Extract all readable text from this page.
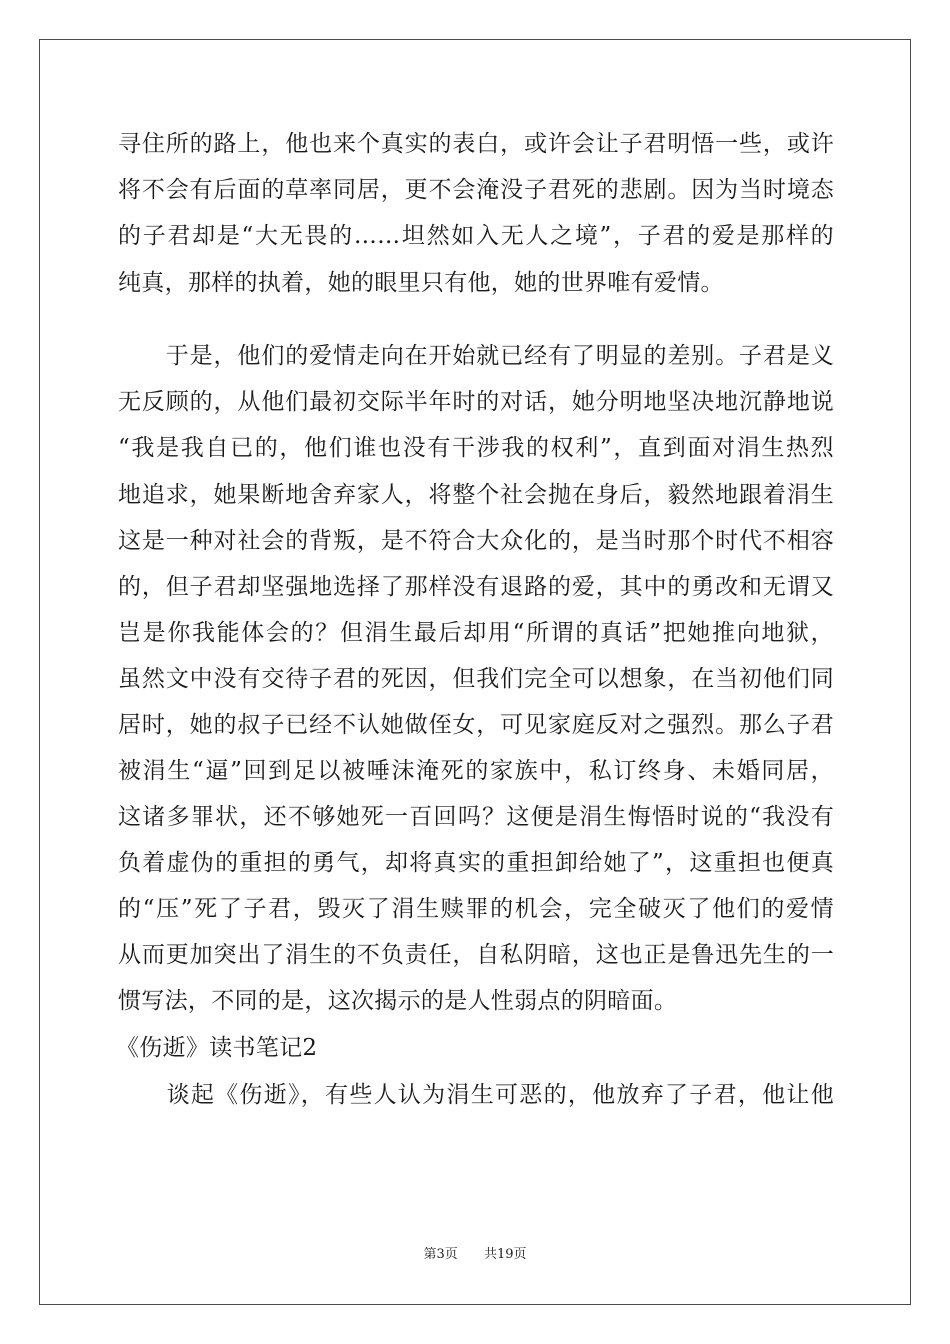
寻住所的路上，他也来个真实的表白，或许会让子君明悟一些，或许
将不会有后面的草率同居，更不会淹没子君死的悲剧。因为当时境态
的子君却是“大无畏的……坦然如入无人之境”，子君的爱是那样的
纯真，那样的执着，她的眼里只有他，她的世界唯有爱情。
　　于是，他们的爱情走向在开始就已经有了明显的差别。子君是义
无反顾的，从他们最初交际半年时的对话，她分明地坚决地沉静地说
“我是我自已的，他们谁也没有干涉我的权利”，直到面对涓生热烈
地追求，她果断地舍弃家人，将整个社会抛在身后，毅然地跟着涓生
这是一种对社会的背叛，是不符合大众化的，是当时那个时代不相容
的，但子君却坚强地选择了那样没有退路的爱，其中的勇改和无谓又
岂是你我能体会的？但涓生最后却用“所谓的真话”把她推向地狱，
虽然文中没有交待子君的死因，但我们完全可以想象，在当初他们同
居时，她的叔子已经不认她做侄女，可见家庭反对之强烈。那么子君
被涓生“逼”回到足以被唾沫淹死的家族中，私订终身、未婚同居，
这诸多罪状，还不够她死一百回吗？这便是涓生悔悟时说的“我没有
负着虚伪的重担的勇气，却将真实的重担卸给她了”，这重担也便真
的“压”死了子君，毁灭了涓生赎罪的机会，完全破灭了他们的爱情
从而更加突出了涓生的不负责任，自私阴暗，这也正是鲁迅先生的一
惯写法，不同的是，这次揭示的是人性弱点的阴暗面。
《伤逝》读书笔记2
　　谈起《伤逝》，有些人认为涓生可恶的，他放弃了子君，他让他
第3页 共19页
